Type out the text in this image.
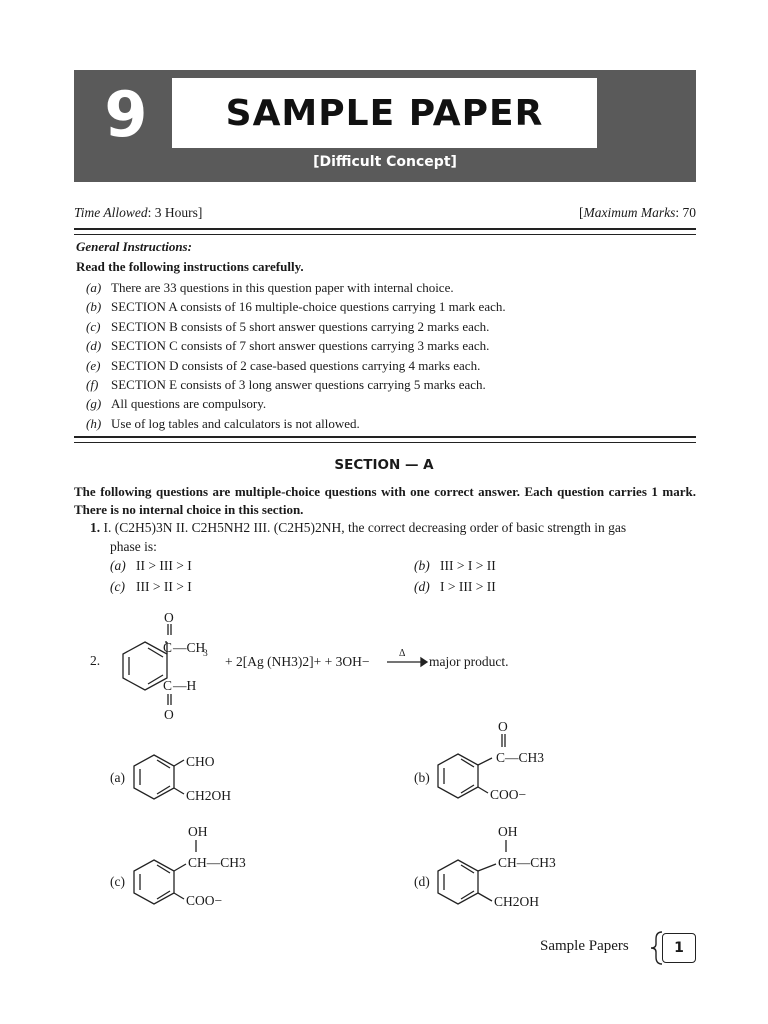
9	SAMPLE PAPER
[Difficult Concept]
Time Allowed: 3 Hours]	[Maximum Marks: 70
General Instructions:
Read the following instructions carefully.
(a) There are 33 questions in this question paper with internal choice.
(b) SECTION A consists of 16 multiple-choice questions carrying 1 mark each.
(c) SECTION B consists of 5 short answer questions carrying 2 marks each.
(d) SECTION C consists of 7 short answer questions carrying 3 marks each.
(e) SECTION D consists of 2 case-based questions carrying 4 marks each.
(f) SECTION E consists of 3 long answer questions carrying 5 marks each.
(g) All questions are compulsory.
(h) Use of log tables and calculators is not allowed.
SECTION — A
The following questions are multiple-choice questions with one correct answer. Each question carries 1 mark. There is no internal choice in this section.
1. I. (C2H5)3N II. C2H5NH2 III. (C2H5)2NH, the correct decreasing order of basic strength in gas
phase is:
(a) II > III > I	(b) III > I > II
(c) III > II > I	(d) I > III > II
2.
C
O
—CH
3
C —H
O
+ 2[Ag (NH3)2]+ + 3OH−
Δ
major product.
(a)
CHO
CH2OH
(b)
O
C—CH3
COO−
(c)
OH
CH—CH3
COO−
(d)
OH
CH—CH3
CH2OH
Sample Papers	1
